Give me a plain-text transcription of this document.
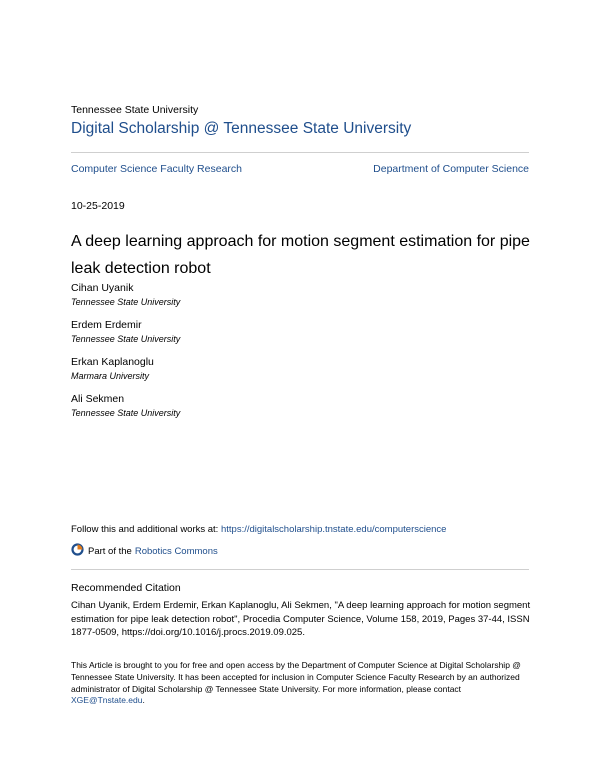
Tennessee State University
Digital Scholarship @ Tennessee State University
Computer Science Faculty Research	Department of Computer Science
10-25-2019
A deep learning approach for motion segment estimation for pipe leak detection robot
Cihan Uyanik
Tennessee State University
Erdem Erdemir
Tennessee State University
Erkan Kaplanoglu
Marmara University
Ali Sekmen
Tennessee State University
Follow this and additional works at: https://digitalscholarship.tnstate.edu/computerscience
Part of the Robotics Commons
Recommended Citation
Cihan Uyanik, Erdem Erdemir, Erkan Kaplanoglu, Ali Sekmen, "A deep learning approach for motion segment estimation for pipe leak detection robot", Procedia Computer Science, Volume 158, 2019, Pages 37-44, ISSN 1877-0509, https://doi.org/10.1016/j.procs.2019.09.025.
This Article is brought to you for free and open access by the Department of Computer Science at Digital Scholarship @ Tennessee State University. It has been accepted for inclusion in Computer Science Faculty Research by an authorized administrator of Digital Scholarship @ Tennessee State University. For more information, please contact XGE@Tnstate.edu.
